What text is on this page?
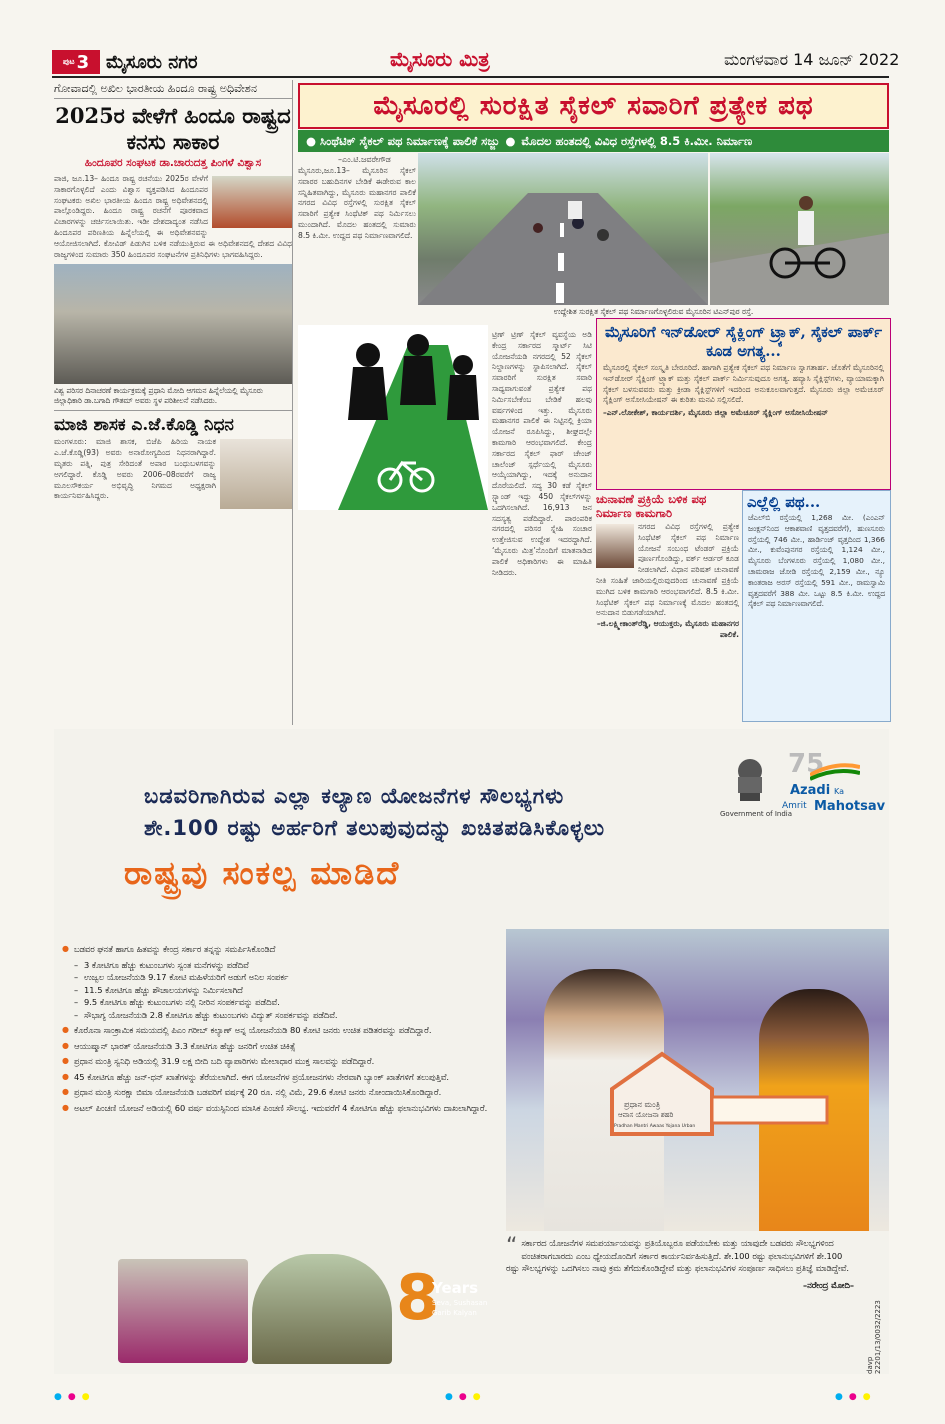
ಪುಟ 3 ಮೈಸೂರು ನಗರ	ಮೈಸೂರು ಮಿತ್ರ	ಮಂಗಳವಾರ 14 ಜೂನ್ 2022
ಗೋವಾದಲ್ಲಿ ಅಖಿಲ ಭಾರತೀಯ ಹಿಂದೂ ರಾಷ್ಟ್ರ ಅಧಿವೇಶನ
2025ರ ವೇಳೆಗೆ ಹಿಂದೂ ರಾಷ್ಟ್ರದ ಕನಸು ಸಾಕಾರ
ಹಿಂದೂಪರ ಸಂಘಟಕ ಡಾ.ಚಾರುದತ್ತ ಪಿಂಗಳೆ ವಿಶ್ವಾಸ
ಪಾಜಿ, ಜೂ.13– ಹಿಂದೂ ರಾಷ್ಟ್ರ ರಚನೆಯು 2025ರ ವೇಳೆಗೆ ಸಾಕಾರಗೊಳ್ಳಲಿದೆ ಎಂದು ವಿಶ್ವಾಸ ವ್ಯಕ್ತಪಡಿಸಿದ ಹಿಂದೂಪರ ಸಂಘಟಕರು ಅಖಿಲ ಭಾರತೀಯ ಹಿಂದೂ ರಾಷ್ಟ್ರ ಅಧಿವೇಶನದಲ್ಲಿ ಪಾಲ್ಗೊಂಡಿದ್ದರು. ಹಿಂದೂ ರಾಷ್ಟ್ರ ರಚನೆಗೆ ಪೂರಕವಾದ ವಿಚಾರಗಳನ್ನು ಚರ್ಚಿಸಲಾಯಿತು. ಇಡೀ ದೇಶದಾದ್ಯಂತ ನಡೆಸಿದ ಹಿಂದೂಪರ ಪರಿಣತಿಯ ಹಿನ್ನೆಲೆಯಲ್ಲಿ ಈ ಅಧಿವೇಶನವನ್ನು ಆಯೋಜಿಸಲಾಗಿದೆ. ಕೋವಿಡ್ ಪಿಡುಗಿನ ಬಳಿಕ ನಡೆಯುತ್ತಿರುವ ಈ ಅಧಿವೇಶನದಲ್ಲಿ ದೇಶದ ವಿವಿಧ ರಾಜ್ಯಗಳಿಂದ ಸುಮಾರು 350 ಹಿಂದೂಪರ ಸಂಘಟನೆಗಳ ಪ್ರತಿನಿಧಿಗಳು ಭಾಗವಹಿಸಿದ್ದರು.
ವಿಶ್ವ ಪರಿಸರ ದಿನಾಚರಣೆ ಕಾರ್ಯಕ್ರಮಕ್ಕೆ ಪ್ರಧಾನಿ ಮೋದಿ ಆಗಮನ ಹಿನ್ನೆಲೆಯಲ್ಲಿ ಮೈಸೂರು ಜಿಲ್ಲಾಧಿಕಾರಿ ಡಾ.ಬಗಾದಿ ಗೌತಮ್ ಅವರು ಸ್ಥಳ ಪರಿಶೀಲನೆ ನಡೆಸಿದರು.
ಮಾಜಿ ಶಾಸಕ ಎ.ಜೆ.ಕೊಡ್ಡಿ ನಿಧನ
ಮಂಗಳೂರು: ಮಾಜಿ ಶಾಸಕ, ಬಿಜೆಪಿ ಹಿರಿಯ ನಾಯಕ ಎ.ಜೆ.ಕೊಡ್ಡಿ(93) ಅವರು ಅನಾರೋಗ್ಯದಿಂದ ನಿಧನರಾಗಿದ್ದಾರೆ. ಮೃತರು ಪತ್ನಿ, ಪುತ್ರ ಸೇರಿದಂತೆ ಅಪಾರ ಬಂಧುಬಳಗವನ್ನು ಅಗಲಿದ್ದಾರೆ. ಕೊಡ್ಡಿ ಅವರು 2006–08ರವರೆಗೆ ರಾಜ್ಯ ಮೂಲಸೌಕರ್ಯ ಅಭಿವೃದ್ಧಿ ನಿಗಮದ ಅಧ್ಯಕ್ಷರಾಗಿ ಕಾರ್ಯನಿರ್ವಹಿಸಿದ್ದರು.
ಮೈಸೂರಲ್ಲಿ ಸುರಕ್ಷಿತ ಸೈಕಲ್ ಸವಾರಿಗೆ ಪ್ರತ್ಯೇಕ ಪಥ
● ಸಿಂಥೆಟಿಕ್ ಸೈಕಲ್ ಪಥ ನಿರ್ಮಾಣಕ್ಕೆ ಪಾಲಿಕೆ ಸಜ್ಜು ● ಮೊದಲ ಹಂತದಲ್ಲಿ ವಿವಿಧ ರಸ್ತೆಗಳಲ್ಲಿ 8.5 ಕಿ.ಮೀ. ನಿರ್ಮಾಣ
–ಎಂ.ಟಿ.ಜವರೇಗೌಡ
ಮೈಸೂರು,ಜೂ.13– ಮೈಸೂರಿನ ಸೈಕಲ್ ಸವಾರರ ಬಹುದಿನಗಳ ಬೇಡಿಕೆ ಈಡೇರುವ ಕಾಲ ಸನ್ನಿಹಿತವಾಗಿದ್ದು, ಮೈಸೂರು ಮಹಾನಗರ ಪಾಲಿಕೆ ನಗರದ ವಿವಿಧ ರಸ್ತೆಗಳಲ್ಲಿ ಸುರಕ್ಷಿತ ಸೈಕಲ್ ಸವಾರಿಗೆ ಪ್ರತ್ಯೇಕ ಸಿಂಥೆಟಿಕ್ ಪಥ ನಿರ್ಮಿಸಲು ಮುಂದಾಗಿದೆ. ಮೊದಲ ಹಂತದಲ್ಲಿ ಸುಮಾರು 8.5 ಕಿ.ಮೀ. ಉದ್ದದ ಪಥ ನಿರ್ಮಾಣವಾಗಲಿದೆ.
ಉದ್ದೇಶಿತ ಸುರಕ್ಷಿತ ಸೈಕಲ್ ಪಥ ನಿರ್ಮಾಣಗೊಳ್ಳಲಿರುವ ಮೈಸೂರಿನ ಟಿಎನ್‌ಪುರ ರಸ್ತೆ.
ಟ್ರಿಣ್ ಟ್ರಿಣ್ ಸೈಕಲ್ ವ್ಯವಸ್ಥೆಯ ಅಡಿ ಕೇಂದ್ರ ಸರ್ಕಾರದ ಸ್ಮಾರ್ಟ್ ಸಿಟಿ ಯೋಜನೆಯಡಿ ನಗರದಲ್ಲಿ 52 ಸೈಕಲ್ ನಿಲ್ದಾಣಗಳನ್ನು ಸ್ಥಾಪಿಸಲಾಗಿದೆ. ಸೈಕಲ್ ಸವಾರರಿಗೆ ಸುರಕ್ಷಿತ ಸವಾರಿ ಸಾಧ್ಯವಾಗುವಂತೆ ಪ್ರತ್ಯೇಕ ಪಥ ನಿರ್ಮಿಸಬೇಕೆಂಬ ಬೇಡಿಕೆ ಹಲವು ವರ್ಷಗಳಿಂದ ಇತ್ತು. ಮೈಸೂರು ಮಹಾನಗರ ಪಾಲಿಕೆ ಈ ನಿಟ್ಟಿನಲ್ಲಿ ಕ್ರಿಯಾ ಯೋಜನೆ ರೂಪಿಸಿದ್ದು, ಶೀಘ್ರದಲ್ಲೇ ಕಾಮಗಾರಿ ಆರಂಭವಾಗಲಿದೆ. ಕೇಂದ್ರ ಸರ್ಕಾರದ ಸೈಕಲ್ ಫಾರ್ ಚೇಂಜ್ ಚಾಲೆಂಜ್ ಸ್ಪರ್ಧೆಯಲ್ಲಿ ಮೈಸೂರು ಆಯ್ಕೆಯಾಗಿದ್ದು, ಇದಕ್ಕೆ ಅನುದಾನ ದೊರೆಯಲಿದೆ. ಸದ್ಯ 30 ಕಡೆ ಸೈಕಲ್ ಸ್ಟ್ಯಾಂಡ್ ಇದ್ದು 450 ಸೈಕಲ್‌ಗಳನ್ನು ಒದಗಿಸಲಾಗಿದೆ. 16,913 ಜನ ಸದಸ್ಯತ್ವ ಪಡೆದಿದ್ದಾರೆ. ಪಾರಂಪರಿಕ ನಗರದಲ್ಲಿ ಪರಿಸರ ಸ್ನೇಹಿ ಸಂಚಾರ ಉತ್ತೇಜಿಸುವ ಉದ್ದೇಶ ಇದರದ್ದಾಗಿದೆ. ‘ಮೈಸೂರು ಮಿತ್ರ’ನೊಂದಿಗೆ ಮಾತನಾಡಿದ ಪಾಲಿಕೆ ಅಧಿಕಾರಿಗಳು ಈ ಮಾಹಿತಿ ನೀಡಿದರು.
ಮೈಸೂರಿಗೆ ಇನ್‌ಡೋರ್ ಸೈಕ್ಲಿಂಗ್ ಟ್ರ್ಯಾಕ್, ಸೈಕಲ್ ಪಾರ್ಕ್ ಕೂಡ ಅಗತ್ಯ...
ಮೈಸೂರಲ್ಲಿ ಸೈಕಲ್ ಸಂಸ್ಕೃತಿ ಬೇರೂರಿದೆ. ಹಾಗಾಗಿ ಪ್ರತ್ಯೇಕ ಸೈಕಲ್ ಪಥ ನಿರ್ಮಾಣ ಸ್ವಾಗತಾರ್ಹ. ಜೊತೆಗೆ ಮೈಸೂರಿನಲ್ಲಿ ಇನ್‌ಡೋರ್ ಸೈಕ್ಲಿಂಗ್ ಟ್ರ್ಯಾಕ್ ಮತ್ತು ಸೈಕಲ್ ಪಾರ್ಕ್ ನಿರ್ಮಿಸುವುದೂ ಅಗತ್ಯ. ಹವ್ಯಾಸಿ ಸೈಕ್ಲಿಸ್ಟ್‌ಗಳು, ವ್ಯಾಯಾಮಕ್ಕಾಗಿ ಸೈಕಲ್ ಬಳಸುವವರು ಮತ್ತು ಕ್ರೀಡಾ ಸೈಕ್ಲಿಸ್ಟ್‌ಗಳಿಗೆ ಇದರಿಂದ ಅನುಕೂಲವಾಗುತ್ತದೆ. ಮೈಸೂರು ಜಿಲ್ಲಾ ಅಮೆಚೂರ್ ಸೈಕ್ಲಿಂಗ್ ಅಸೋಸಿಯೇಷನ್ ಈ ಕುರಿತು ಮನವಿ ಸಲ್ಲಿಸಲಿದೆ.
–ಎನ್.ಲೋಕೇಶ್, ಕಾರ್ಯದರ್ಶಿ, ಮೈಸೂರು ಜಿಲ್ಲಾ ಅಮೆಚೂರ್ ಸೈಕ್ಲಿಂಗ್ ಅಸೋಸಿಯೇಷನ್
ಚುನಾವಣೆ ಪ್ರಕ್ರಿಯೆ ಬಳಿಕ ಪಥ ನಿರ್ಮಾಣ ಕಾಮಗಾರಿ
ನಗರದ ವಿವಿಧ ರಸ್ತೆಗಳಲ್ಲಿ ಪ್ರತ್ಯೇಕ ಸಿಂಥೆಟಿಕ್ ಸೈಕಲ್ ಪಥ ನಿರ್ಮಾಣ ಯೋಜನೆ ಸಂಬಂಧ ಟೆಂಡರ್ ಪ್ರಕ್ರಿಯೆ ಪೂರ್ಣಗೊಂಡಿದ್ದು, ವರ್ಕ್ ಆರ್ಡರ್ ಕೂಡ ನೀಡಲಾಗಿದೆ. ವಿಧಾನ ಪರಿಷತ್ ಚುನಾವಣೆ ನೀತಿ ಸಂಹಿತೆ ಜಾರಿಯಲ್ಲಿರುವುದರಿಂದ ಚುನಾವಣೆ ಪ್ರಕ್ರಿಯೆ ಮುಗಿದ ಬಳಿಕ ಕಾಮಗಾರಿ ಆರಂಭವಾಗಲಿದೆ. 8.5 ಕಿ.ಮೀ. ಸಿಂಥೆಟಿಕ್ ಸೈಕಲ್ ಪಥ ನಿರ್ಮಾಣಕ್ಕೆ ಮೊದಲ ಹಂತದಲ್ಲಿ ಅನುದಾನ ಬಿಡುಗಡೆಯಾಗಿದೆ.
–ಜಿ.ಲಕ್ಷ್ಮೀಕಾಂತ್‌ರೆಡ್ಡಿ, ಆಯುಕ್ತರು, ಮೈಸೂರು ಮಹಾನಗರ ಪಾಲಿಕೆ.
ಎಲ್ಲೆಲ್ಲಿ ಪಥ...
ಜೆಎಲ್‌ಬಿ ರಸ್ತೆಯಲ್ಲಿ 1,268 ಮೀ. (ಎಂಎನ್ ಜಂಕ್ಷನ್‌ನಿಂದ ಆಕಾಶವಾಣಿ ವೃತ್ತದವರೆಗೆ), ಹುಣಸೂರು ರಸ್ತೆಯಲ್ಲಿ 746 ಮೀ., ಹಾರ್ಡಿಂಜ್ ವೃತ್ತದಿಂದ 1,366 ಮೀ., ಕುವೆಂಪುನಗರ ರಸ್ತೆಯಲ್ಲಿ 1,124 ಮೀ., ಮೈಸೂರು ಬೆಂಗಳೂರು ರಸ್ತೆಯಲ್ಲಿ 1,080 ಮೀ., ಚಾಮರಾಜ ಜೋಡಿ ರಸ್ತೆಯಲ್ಲಿ 2,159 ಮೀ., ನ್ಯೂ ಕಾಂತರಾಜ ಅರಸ್ ರಸ್ತೆಯಲ್ಲಿ 591 ಮೀ., ರಾಮಸ್ವಾಮಿ ವೃತ್ತದವರೆಗೆ 388 ಮೀ. ಒಟ್ಟು 8.5 ಕಿ.ಮೀ. ಉದ್ದದ ಸೈಕಲ್ ಪಥ ನಿರ್ಮಾಣವಾಗಲಿದೆ.
ಬಡವರಿಗಾಗಿರುವ ಎಲ್ಲಾ ಕಲ್ಯಾಣ ಯೋಜನೆಗಳ ಸೌಲಭ್ಯಗಳು
ಶೇ.100 ರಷ್ಟು ಅರ್ಹರಿಗೆ ತಲುಪುವುದನ್ನು ಖಚಿತಪಡಿಸಿಕೊಳ್ಳಲು
ರಾಷ್ಟ್ರವು ಸಂಕಲ್ಪ ಮಾಡಿದೆ
Government of India
75
Azadi Ka
Amrit Mahotsav
● ಬಡವರ ಘನತೆ ಹಾಗೂ ಹಿತವನ್ನು ಕೇಂದ್ರ ಸರ್ಕಾರ ತನ್ನನ್ನು ಸಮರ್ಪಿಸಿಕೊಂಡಿದೆ
– 3 ಕೋಟಿಗೂ ಹೆಚ್ಚು ಕುಟುಂಬಗಳು ಸ್ವಂತ ಮನೆಗಳನ್ನು ಪಡೆದಿವೆ
– ಉಜ್ವಲ ಯೋಜನೆಯಡಿ 9.17 ಕೋಟಿ ಮಹಿಳೆಯರಿಗೆ ಅಡುಗೆ ಅನಿಲ ಸಂಪರ್ಕ
– 11.5 ಕೋಟಿಗೂ ಹೆಚ್ಚು ಶೌಚಾಲಯಗಳನ್ನು ನಿರ್ಮಿಸಲಾಗಿದೆ
– 9.5 ಕೋಟಿಗೂ ಹೆಚ್ಚು ಕುಟುಂಬಗಳು ನಲ್ಲಿ ನೀರಿನ ಸಂಪರ್ಕವನ್ನು ಪಡೆದಿವೆ.
– ಸೌಭಾಗ್ಯ ಯೋಜನೆಯಡಿ 2.8 ಕೋಟಿಗೂ ಹೆಚ್ಚು ಕುಟುಂಬಗಳು ವಿದ್ಯುತ್ ಸಂಪರ್ಕವನ್ನು ಪಡೆದಿವೆ.
● ಕೊರೊನಾ ಸಾಂಕ್ರಾಮಿಕ ಸಮಯದಲ್ಲಿ ಪಿಎಂ ಗರೀಬ್ ಕಲ್ಯಾಣ್ ಅನ್ನ ಯೋಜನೆಯಡಿ 80 ಕೋಟಿ ಜನರು ಉಚಿತ ಪಡಿತರವನ್ನು ಪಡೆದಿದ್ದಾರೆ.
● ಆಯುಷ್ಮಾನ್ ಭಾರತ್ ಯೋಜನೆಯಡಿ 3.3 ಕೋಟಿಗೂ ಹೆಚ್ಚು ಜನರಿಗೆ ಉಚಿತ ಚಿಕಿತ್ಸೆ
● ಪ್ರಧಾನ ಮಂತ್ರಿ ಸ್ವನಿಧಿ ಅಡಿಯಲ್ಲಿ 31.9 ಲಕ್ಷ ಬೀದಿ ಬದಿ ವ್ಯಾಪಾರಿಗಳು ಮೇಲಾಧಾರ ಮುಕ್ತ ಸಾಲವನ್ನು ಪಡೆದಿದ್ದಾರೆ.
● 45 ಕೋಟಿಗೂ ಹೆಚ್ಚು ಜನ್-ಧನ್ ಖಾತೆಗಳನ್ನು ತೆರೆಯಲಾಗಿದೆ. ಈಗ ಯೋಜನೆಗಳ ಪ್ರಯೋಜನಗಳು ನೇರವಾಗಿ ಬ್ಯಾಂಕ್ ಖಾತೆಗಳಿಗೆ ತಲುಪುತ್ತಿವೆ.
● ಪ್ರಧಾನ ಮಂತ್ರಿ ಸುರಕ್ಷಾ ಬಿಮಾ ಯೋಜನೆಯಡಿ ಬಡವರಿಗೆ ವರ್ಷಕ್ಕೆ 20 ರೂ. ನಲ್ಲಿ ವಿಮೆ, 29.6 ಕೋಟಿ ಜನರು ನೋಂದಾಯಿಸಿಕೊಂಡಿದ್ದಾರೆ.
● ಅಟಲ್ ಪಿಂಚಣಿ ಯೋಜನೆ ಅಡಿಯಲ್ಲಿ 60 ವರ್ಷ ವಯಸ್ಸಿನಿಂದ ಮಾಸಿಕ ಪಿಂಚಣಿ ಸೌಲಭ್ಯ. ಇದುವರೆಗೆ 4 ಕೋಟಿಗೂ ಹೆಚ್ಚು ಫಲಾನುಭವಿಗಳು ದಾಖಲಾಗಿದ್ದಾರೆ.	ಪ್ರಧಾನ ಮಂತ್ರಿ
ಆವಾಸ ಯೋಜನಾ ಶಹರಿ
Pradhan Mantri Awaas Yojana Urban
8
Years
Seva, Sushasan
Garib Kalyan
“ ಸರ್ಕಾರದ ಯೋಜನೆಗಳ ಸಮಪರ್ಯಾಯವನ್ನು ಪ್ರತಿಯೊಬ್ಬರೂ ಪಡೆಯಬೇಕು ಮತ್ತು ಯಾವುದೇ ಬಡವರು ಸೌಲಭ್ಯಗಳಿಂದ ವಂಚಿತರಾಗಬಾರದು ಎಂಬ ಧ್ಯೇಯದೊಂದಿಗೆ ಸರ್ಕಾರ ಕಾರ್ಯನಿರ್ವಹಿಸುತ್ತಿದೆ. ಶೇ.100 ರಷ್ಟು ಫಲಾನುಭವಿಗಳಿಗೆ ಶೇ.100 ರಷ್ಟು ಸೌಲಭ್ಯಗಳನ್ನು ಒದಗಿಸಲು ನಾವು ಕ್ರಮ ತೆಗೆದುಕೊಂಡಿದ್ದೇವೆ ಮತ್ತು ಫಲಾನುಭವಿಗಳ ಸಂಪೂರ್ಣ ಸಾಧಿಸಲು ಪ್ರತಿಜ್ಞೆ ಮಾಡಿದ್ದೇವೆ.
–ನರೇಂದ್ರ ಮೋದಿ–
davp 22201/13/0032/2223
●●●	●●●	●●●
